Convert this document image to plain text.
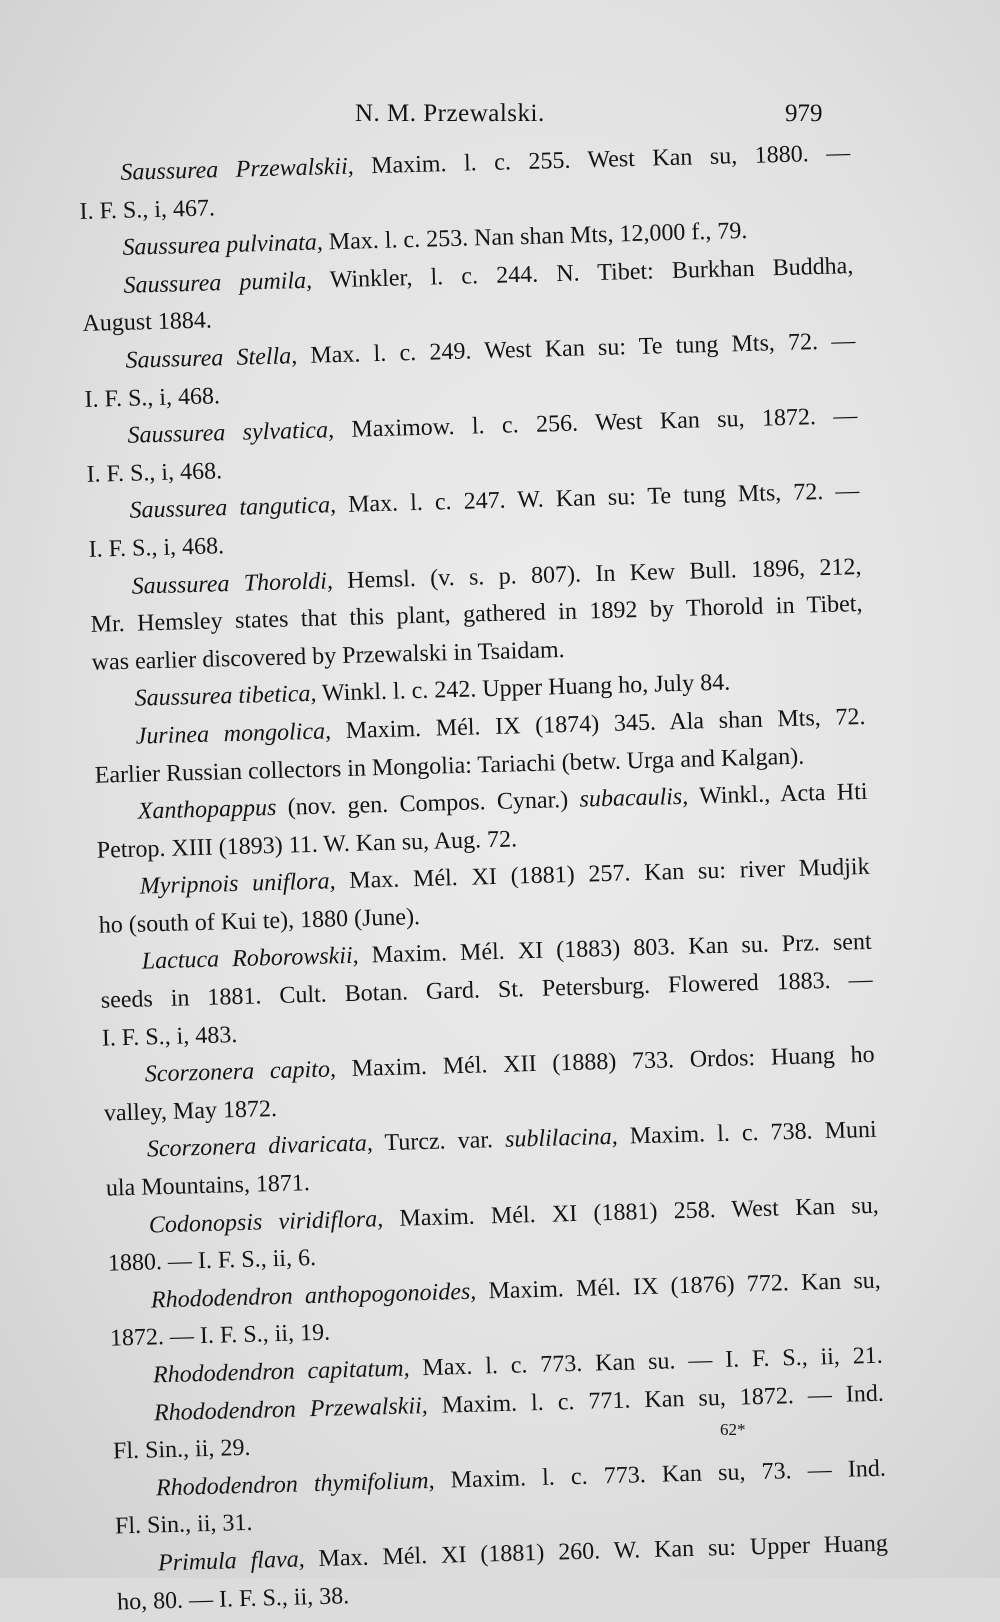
N. M. Przewalski.	979
Saussurea Przewalskii, Maxim. l. c. 255. West Kan su, 1880. —
I. F. S., i, 467.
Saussurea pulvinata, Max. l. c. 253. Nan shan Mts, 12,000 f., 79.
Saussurea pumila, Winkler, l. c. 244. N. Tibet: Burkhan Buddha,
August 1884.
Saussurea Stella, Max. l. c. 249. West Kan su: Te tung Mts, 72. —
I. F. S., i, 468.
Saussurea sylvatica, Maximow. l. c. 256. West Kan su, 1872. —
I. F. S., i, 468.
Saussurea tangutica, Max. l. c. 247. W. Kan su: Te tung Mts, 72. —
I. F. S., i, 468.
Saussurea Thoroldi, Hemsl. (v. s. p. 807). In Kew Bull. 1896, 212,
Mr. Hemsley states that this plant, gathered in 1892 by Thorold in Tibet,
was earlier discovered by Przewalski in Tsaidam.
Saussurea tibetica, Winkl. l. c. 242. Upper Huang ho, July 84.
Jurinea mongolica, Maxim. Mél. IX (1874) 345. Ala shan Mts, 72.
Earlier Russian collectors in Mongolia: Tariachi (betw. Urga and Kalgan).
Xanthopappus (nov. gen. Compos. Cynar.) subacaulis, Winkl., Acta Hti
Petrop. XIII (1893) 11. W. Kan su, Aug. 72.
Myripnois uniflora, Max. Mél. XI (1881) 257. Kan su: river Mudjik
ho (south of Kui te), 1880 (June).
Lactuca Roborowskii, Maxim. Mél. XI (1883) 803. Kan su. Prz. sent
seeds in 1881. Cult. Botan. Gard. St. Petersburg. Flowered 1883. —
I. F. S., i, 483.
Scorzonera capito, Maxim. Mél. XII (1888) 733. Ordos: Huang ho
valley, May 1872.
Scorzonera divaricata, Turcz. var. sublilacina, Maxim. l. c. 738. Muni
ula Mountains, 1871.
Codonopsis viridiflora, Maxim. Mél. XI (1881) 258. West Kan su,
1880. — I. F. S., ii, 6.
Rhododendron anthopogonoides, Maxim. Mél. IX (1876) 772. Kan su,
1872. — I. F. S., ii, 19.
Rhododendron capitatum, Max. l. c. 773. Kan su. — I. F. S., ii, 21.
Rhododendron Przewalskii, Maxim. l. c. 771. Kan su, 1872. — Ind.
Fl. Sin., ii, 29.
Rhododendron thymifolium, Maxim. l. c. 773. Kan su, 73. — Ind.
Fl. Sin., ii, 31.
Primula flava, Max. Mél. XI (1881) 260. W. Kan su: Upper Huang
ho, 80. — I. F. S., ii, 38.
62*
